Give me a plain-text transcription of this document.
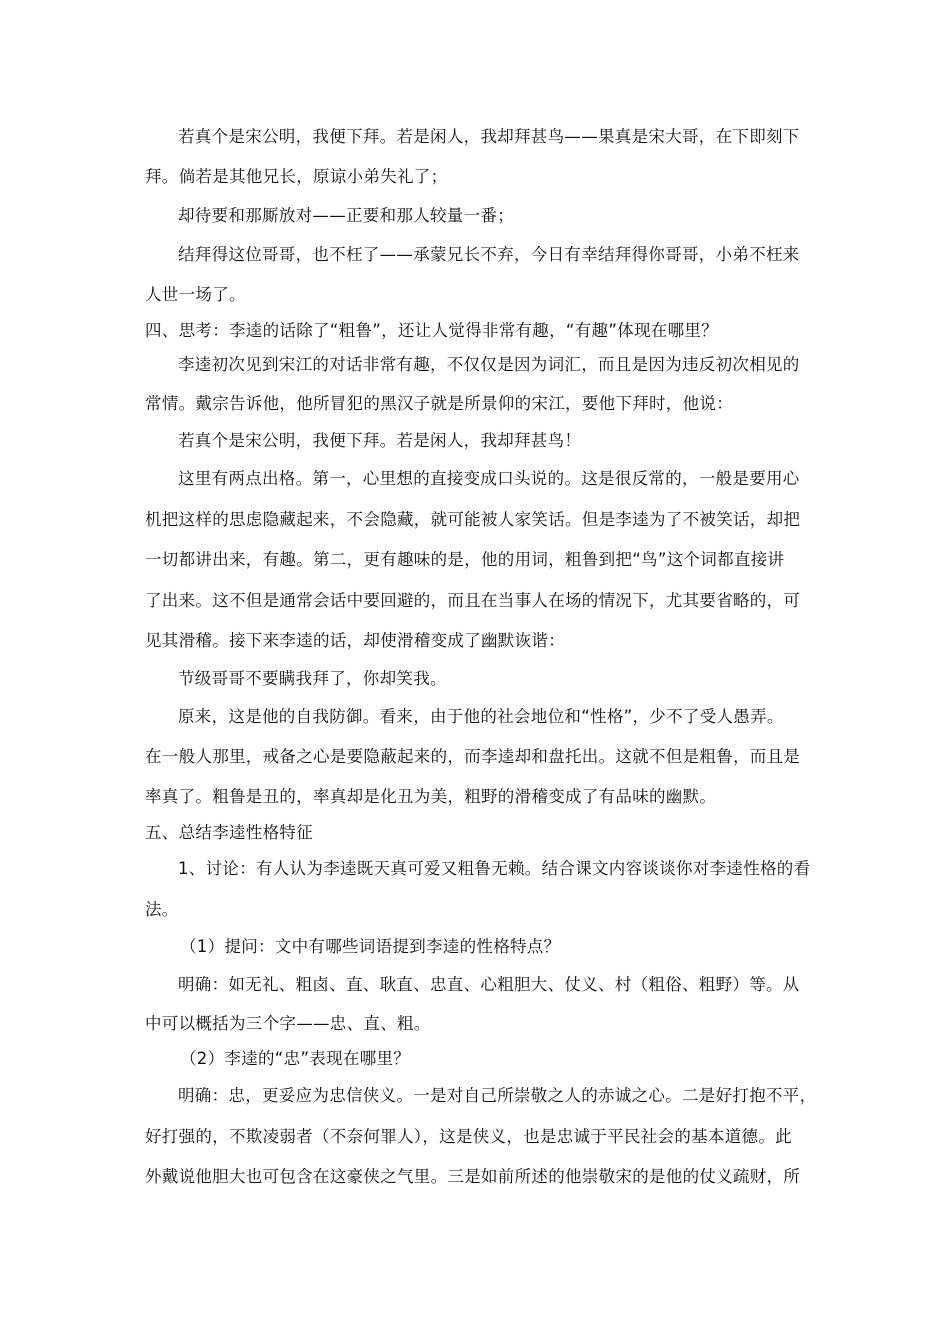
若真个是宋公明，我便下拜。若是闲人，我却拜甚鸟——果真是宋大哥，在下即刻下
拜。倘若是其他兄长，原谅小弟失礼了；
却待要和那厮放对——正要和那人较量一番；
结拜得这位哥哥，也不枉了——承蒙兄长不弃，今日有幸结拜得你哥哥，小弟不枉来
人世一场了。
四、思考：李逵的话除了“粗鲁”，还让人觉得非常有趣，“有趣”体现在哪里？
李逵初次见到宋江的对话非常有趣，不仅仅是因为词汇，而且是因为违反初次相见的
常情。戴宗告诉他，他所冒犯的黑汉子就是所景仰的宋江，要他下拜时，他说：
若真个是宋公明，我便下拜。若是闲人，我却拜甚鸟！
这里有两点出格。第一，心里想的直接变成口头说的。这是很反常的，一般是要用心
机把这样的思虑隐藏起来，不会隐藏，就可能被人家笑话。但是李逵为了不被笑话，却把
一切都讲出来，有趣。第二，更有趣味的是，他的用词，粗鲁到把“鸟”这个词都直接讲
了出来。这不但是通常会话中要回避的，而且在当事人在场的情况下，尤其要省略的，可
见其滑稽。接下来李逵的话，却使滑稽变成了幽默诙谐：
节级哥哥不要瞒我拜了，你却笑我。
原来，这是他的自我防御。看来，由于他的社会地位和“性格”，少不了受人愚弄。
在一般人那里，戒备之心是要隐蔽起来的，而李逵却和盘托出。这就不但是粗鲁，而且是
率真了。粗鲁是丑的，率真却是化丑为美，粗野的滑稽变成了有品味的幽默。
五、总结李逵性格特征
1、讨论：有人认为李逵既天真可爱又粗鲁无赖。结合课文内容谈谈你对李逵性格的看
法。
（1）提问：文中有哪些词语提到李逵的性格特点？
明确：如无礼、粗卤、直、耿直、忠直、心粗胆大、仗义、村（粗俗、粗野）等。从
中可以概括为三个字——忠、直、粗。
（2）李逵的“忠”表现在哪里？
明确：忠，更妥应为忠信侠义。一是对自己所崇敬之人的赤诚之心。二是好打抱不平，
好打强的，不欺凌弱者（不奈何罪人），这是侠义，也是忠诚于平民社会的基本道德。此
外戴说他胆大也可包含在这豪侠之气里。三是如前所述的他崇敬宋的是他的仗义疏财，所
